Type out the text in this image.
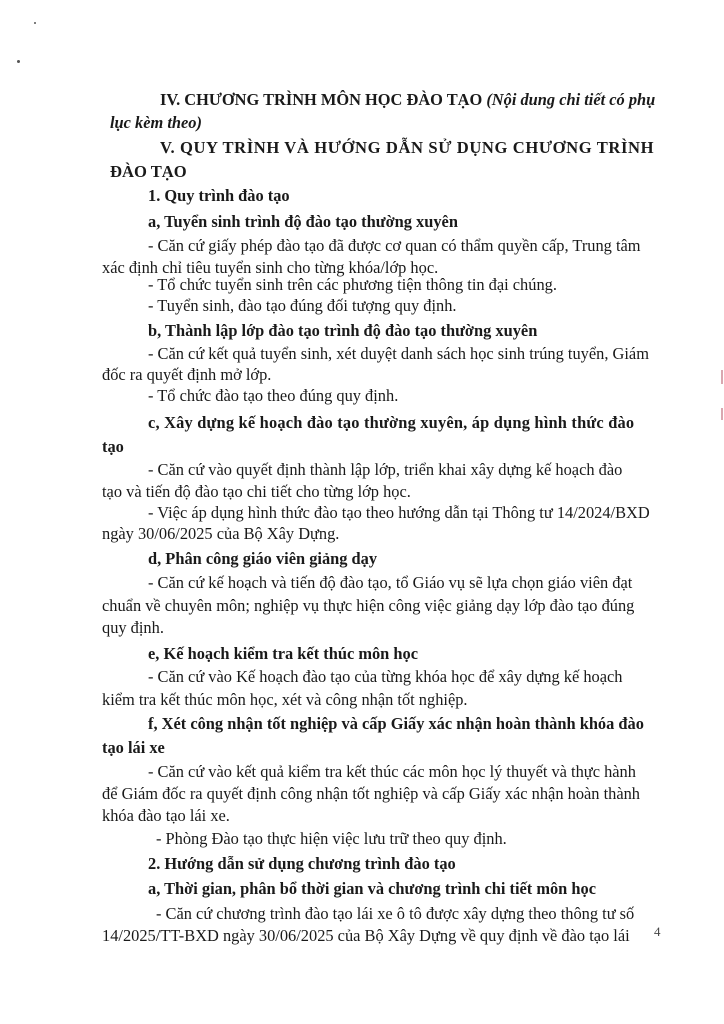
IV. CHƯƠNG TRÌNH MÔN HỌC ĐÀO TẠO (Nội dung chi tiết có phụ
lục kèm theo)
V. QUY TRÌNH VÀ HƯỚNG DẪN SỬ DỤNG CHƯƠNG TRÌNH
ĐÀO TẠO
1. Quy trình đào tạo
a, Tuyển sinh trình độ đào tạo thường xuyên
- Căn cứ giấy phép đào tạo đã được cơ quan có thẩm quyền cấp, Trung tâm
xác định chỉ tiêu tuyển sinh cho từng khóa/lớp học.
- Tổ chức tuyển sinh trên các phương tiện thông tin đại chúng.
- Tuyển sinh, đào tạo đúng đối tượng quy định.
b, Thành lập lớp đào tạo trình độ đào tạo thường xuyên
- Căn cứ kết quả tuyển sinh, xét duyệt danh sách học sinh trúng tuyển, Giám
đốc ra quyết định mở lớp.
- Tổ chức đào tạo theo đúng quy định.
c, Xây dựng kế hoạch đào tạo thường xuyên, áp dụng hình thức đào
tạo
- Căn cứ vào quyết định thành lập lớp, triển khai xây dựng kế hoạch đào
tạo và tiến độ đào tạo chi tiết cho từng lớp học.
- Việc áp dụng hình thức đào tạo theo hướng dẫn tại Thông tư 14/2024/BXD
ngày 30/06/2025 của Bộ Xây Dựng.
d, Phân công giáo viên giảng dạy
- Căn cứ kế hoạch và tiến độ đào tạo, tổ Giáo vụ sẽ lựa chọn giáo viên đạt
chuẩn về chuyên môn; nghiệp vụ thực hiện công việc giảng dạy lớp đào tạo đúng
quy định.
e, Kế hoạch kiểm tra kết thúc môn học
- Căn cứ vào Kế hoạch đào tạo của từng khóa học để xây dựng kế hoạch
kiểm tra kết thúc môn học, xét và công nhận tốt nghiệp.
f, Xét công nhận tốt nghiệp và cấp Giấy xác nhận hoàn thành khóa đào
tạo lái xe
- Căn cứ vào kết quả kiểm tra kết thúc các môn học lý thuyết và thực hành
để Giám đốc ra quyết định công nhận tốt nghiệp và cấp Giấy xác nhận hoàn thành
khóa đào tạo lái xe.
- Phòng Đào tạo thực hiện việc lưu trữ theo quy định.
2. Hướng dẫn sử dụng chương trình đào tạo
a, Thời gian, phân bổ thời gian và chương trình chi tiết môn học
- Căn cứ chương trình đào tạo lái xe ô tô được xây dựng theo thông tư số
14/2025/TT-BXD ngày 30/06/2025 của Bộ Xây Dựng về quy định về đào tạo lái 4
